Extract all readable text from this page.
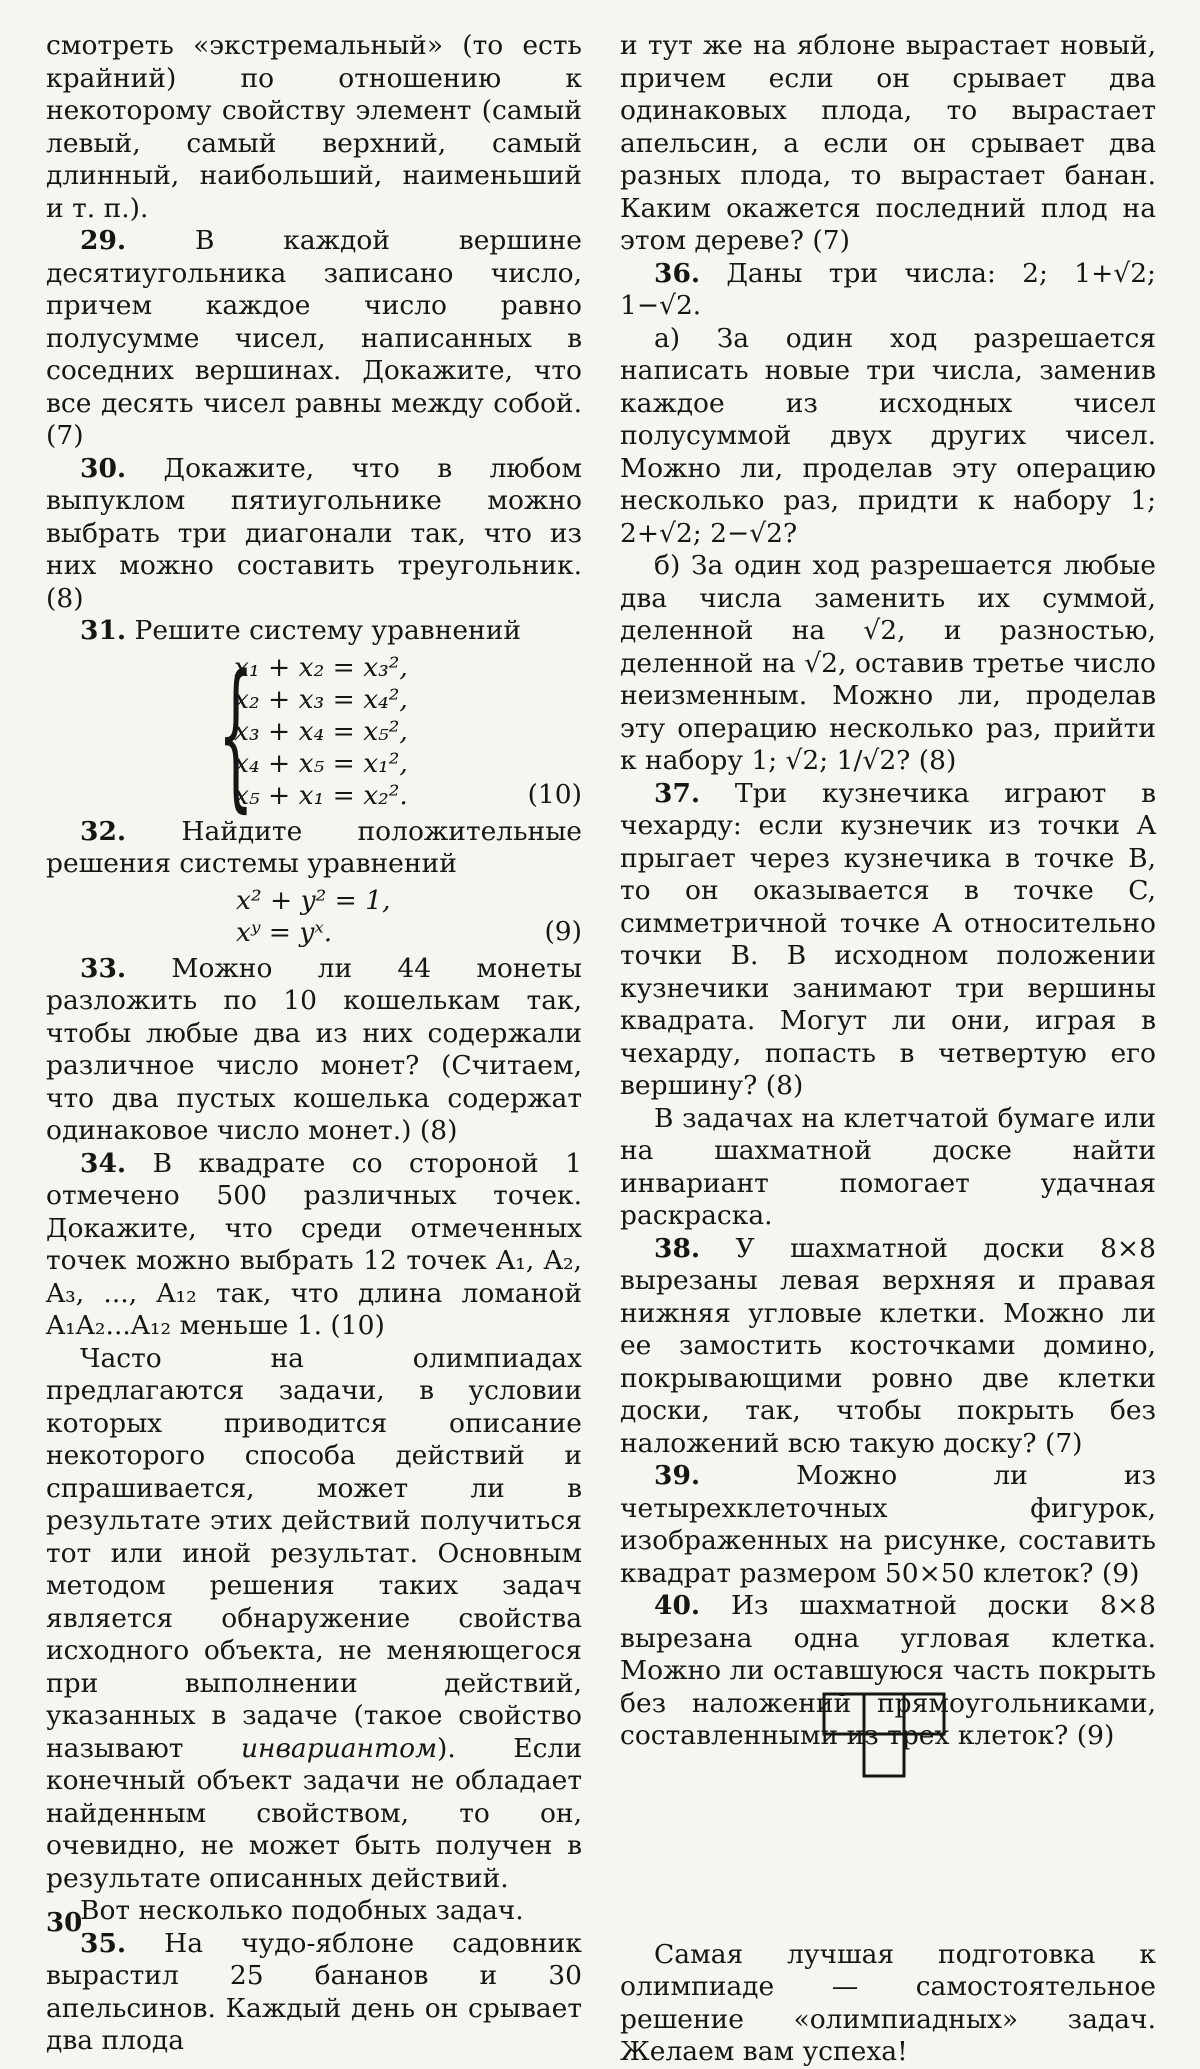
смотреть «экстремальный» (то есть крайний) по отношению к некоторому свойству элемент (самый левый, самый верхний, самый длинный, наибольший, наименьший и т. п.).

29. В каждой вершине десятиугольника записано число, причем каждое число равно полусумме чисел, написанных в соседних вершинах. Докажите, что все десять чисел равны между собой. (7)

30. Докажите, что в любом выпуклом пятиугольнике можно выбрать три диагонали так, что из них можно составить треугольник. (8)

31. Решите систему уравнений

{
x₁ + x₂ = x₃²,
x₂ + x₃ = x₄²,
x₃ + x₄ = x₅²,
x₄ + x₅ = x₁²,
x₅ + x₁ = x₂².	(10)

32. Найдите положительные решения системы уравнений

x² + y² = 1,
xʸ = yˣ.	(9)

33. Можно ли 44 монеты разложить по 10 кошелькам так, чтобы любые два из них содержали различное число монет? (Считаем, что два пустых кошелька содержат одинаковое число монет.) (8)

34. В квадрате со стороной 1 отмечено 500 различных точек. Докажите, что среди отмеченных точек можно выбрать 12 точек A₁, A₂, A₃, ..., A₁₂ так, что длина ломаной A₁A₂...A₁₂ меньше 1. (10)

Часто на олимпиадах предлагаются задачи, в условии которых приводится описание некоторого способа действий и спрашивается, может ли в результате этих действий получиться тот или иной результат. Основным методом решения таких задач является обнаружение свойства исходного объекта, не меняющегося при выполнении действий, указанных в задаче (такое свойство называют инвариантом). Если конечный объект задачи не обладает найденным свойством, то он, очевидно, не может быть получен в результате описанных действий.

Вот несколько подобных задач.

35. На чудо-яблоне садовник вырастил 25 бананов и 30 апельсинов. Каждый день он срывает два плода

и тут же на яблоне вырастает новый, причем если он срывает два одинаковых плода, то вырастает апельсин, а если он срывает два разных плода, то вырастает банан. Каким окажется последний плод на этом дереве? (7)

36. Даны три числа: 2; 1+√2; 1−√2.

а) За один ход разрешается написать новые три числа, заменив каждое из исходных чисел полусуммой двух других чисел. Можно ли, проделав эту операцию несколько раз, придти к набору 1; 2+√2; 2−√2?

б) За один ход разрешается любые два числа заменить их суммой, деленной на √2, и разностью, деленной на √2, оставив третье число неизменным. Можно ли, проделав эту операцию несколько раз, прийти к набору 1; √2; 1/√2? (8)

37. Три кузнечика играют в чехарду: если кузнечик из точки A прыгает через кузнечика в точке B, то он оказывается в точке C, симметричной точке A относительно точки B. В исходном положении кузнечики занимают три вершины квадрата. Могут ли они, играя в чехарду, попасть в четвертую его вершину? (8)

В задачах на клетчатой бумаге или на шахматной доске найти инвариант помогает удачная раскраска.

38. У шахматной доски 8×8 вырезаны левая верхняя и правая нижняя угловые клетки. Можно ли ее замостить косточками домино, покрывающими ровно две клетки доски, так, чтобы покрыть без наложений всю такую доску? (7)

39. Можно ли из четырехклеточных фигурок, изображенных на рисунке, составить квадрат размером 50×50 клеток? (9)

40. Из шахматной доски 8×8 вырезана одна угловая клетка. Можно ли оставшуюся часть покрыть без наложений прямоугольниками, составленными из трех клеток? (9)

Самая лучшая подготовка к олимпиаде — самостоятельное решение «олимпиадных» задач. Желаем вам успеха!

30
